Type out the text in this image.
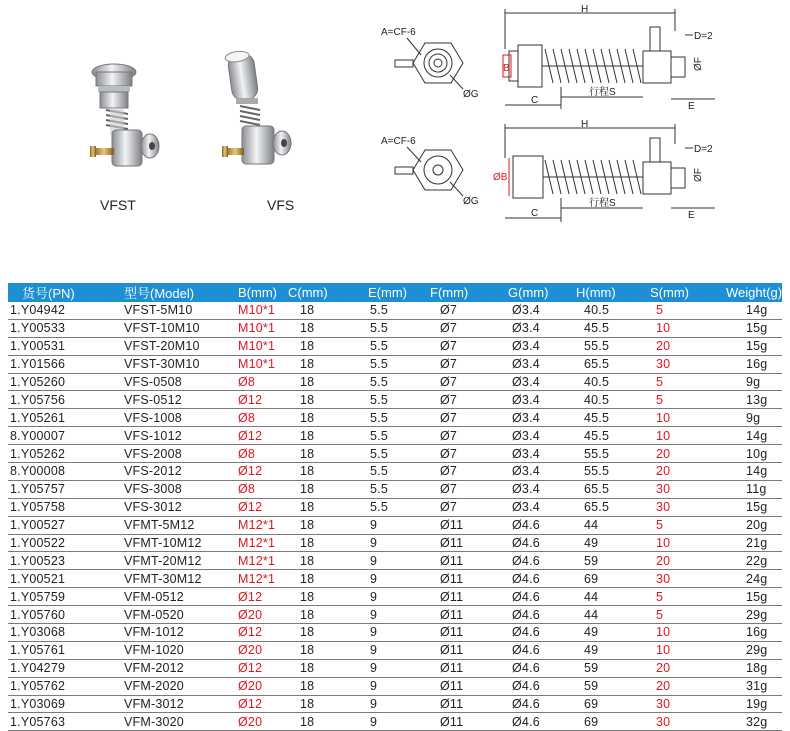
VFST	VFS
A=CF-6
ØG
H
B
D=2
ØF
C
行程S
E
A=CF-6
ØG
H
ØB
D=2
ØF
C
行程S
E
货号(PN)	型号(Model)	B(mm)	C(mm)	E(mm)	F(mm)	G(mm)	H(mm)	S(mm)	Weight(g)
1.Y04942	VFST-5M10	M10*1	18	5.5	Ø7	Ø3.4	40.5	5	14g
1.Y00533	VFST-10M10	M10*1	18	5.5	Ø7	Ø3.4	45.5	10	15g
1.Y00531	VFST-20M10	M10*1	18	5.5	Ø7	Ø3.4	55.5	20	15g
1.Y01566	VFST-30M10	M10*1	18	5.5	Ø7	Ø3.4	65.5	30	16g
1.Y05260	VFS-0508	Ø8	18	5.5	Ø7	Ø3.4	40.5	5	9g
1.Y05756	VFS-0512	Ø12	18	5.5	Ø7	Ø3.4	40.5	5	13g
1.Y05261	VFS-1008	Ø8	18	5.5	Ø7	Ø3.4	45.5	10	9g
8.Y00007	VFS-1012	Ø12	18	5.5	Ø7	Ø3.4	45.5	10	14g
1.Y05262	VFS-2008	Ø8	18	5.5	Ø7	Ø3.4	55.5	20	10g
8.Y00008	VFS-2012	Ø12	18	5.5	Ø7	Ø3.4	55.5	20	14g
1.Y05757	VFS-3008	Ø8	18	5.5	Ø7	Ø3.4	65.5	30	11g
1.Y05758	VFS-3012	Ø12	18	5.5	Ø7	Ø3.4	65.5	30	15g
1.Y00527	VFMT-5M12	M12*1	18	9	Ø11	Ø4.6	44	5	20g
1.Y00522	VFMT-10M12	M12*1	18	9	Ø11	Ø4.6	49	10	21g
1.Y00523	VFMT-20M12	M12*1	18	9	Ø11	Ø4.6	59	20	22g
1.Y00521	VFMT-30M12	M12*1	18	9	Ø11	Ø4.6	69	30	24g
1.Y05759	VFM-0512	Ø12	18	9	Ø11	Ø4.6	44	5	15g
1.Y05760	VFM-0520	Ø20	18	9	Ø11	Ø4.6	44	5	29g
1.Y03068	VFM-1012	Ø12	18	9	Ø11	Ø4.6	49	10	16g
1.Y05761	VFM-1020	Ø20	18	9	Ø11	Ø4.6	49	10	29g
1.Y04279	VFM-2012	Ø12	18	9	Ø11	Ø4.6	59	20	18g
1.Y05762	VFM-2020	Ø20	18	9	Ø11	Ø4.6	59	20	31g
1.Y03069	VFM-3012	Ø12	18	9	Ø11	Ø4.6	69	30	19g
1.Y05763	VFM-3020	Ø20	18	9	Ø11	Ø4.6	69	30	32g
